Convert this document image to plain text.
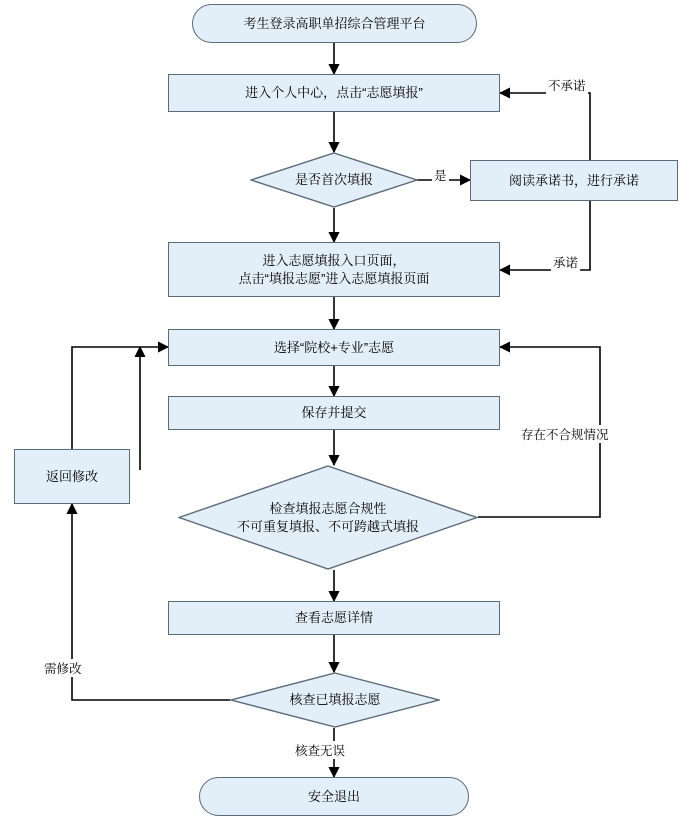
考生登录高职单招综合管理平台
进入个人中心，点击“志愿填报”
是否首次填报	阅读承诺书，进行承诺
进入志愿填报入口页面，
点击“填报志愿”进入志愿填报页面
选择“院校+专业”志愿
保存并提交
返回修改
检查填报志愿合规性
不可重复填报、不可跨越式填报
查看志愿详情
核查已填报志愿
安全退出
不承诺
是
承诺
存在不合规情况
需修改
核查无误
